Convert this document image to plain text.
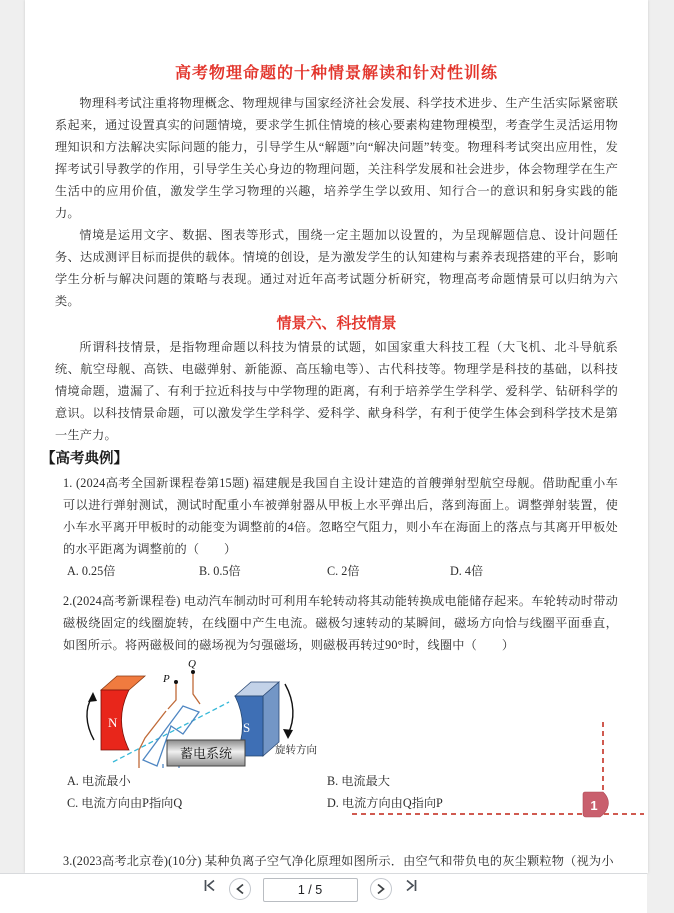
高考物理命题的十种情景解读和针对性训练

物理科考试注重将物理概念、物理规律与国家经济社会发展、科学技术进步、生产生活实际紧密联系起来，通过设置真实的问题情境，要求学生抓住情境的核心要素构建物理模型，考查学生灵活运用物理知识和方法解决实际问题的能力，引导学生从“解题”向“解决问题”转变。物理科考试突出应用性，发挥考试引导教学的作用，引导学生关心身边的物理问题，关注科学发展和社会进步，体会物理学在生产生活中的应用价值，激发学生学习物理的兴趣，培养学生学以致用、知行合一的意识和躬身实践的能力。

情境是运用文字、数据、图表等形式，围绕一定主题加以设置的，为呈现解题信息、设计问题任务、达成测评目标而提供的载体。情境的创设，是为激发学生的认知建构与素养表现搭建的平台，影响学生分析与解决问题的策略与表现。通过对近年高考试题分析研究，物理高考命题情景可以归纳为六类。

情景六、科技情景

所谓科技情景，是指物理命题以科技为情景的试题，如国家重大科技工程（大飞机、北斗导航系统、航空母舰、高铁、电磁弹射、新能源、高压输电等）、古代科技等。物理学是科技的基础，以科技情境命题，遗漏了、有利于拉近科技与中学物理的距离，有利于培养学生学科学、爱科学、钻研科学的意识。以科技情景命题，可以激发学生学科学、爱科学、献身科学，有利于使学生体会到科学技术是第一生产力。

【高考典例】
1. (2024高考全国新课程卷第15题) 福建舰是我国自主设计建造的首艘弹射型航空母舰。借助配重小车可以进行弹射测试，测试时配重小车被弹射器从甲板上水平弹出后，落到海面上。调整弹射装置，使小车水平离开甲板时的动能变为调整前的4倍。忽略空气阻力，则小车在海面上的落点与其离开甲板处的水平距离为调整前的（　　）
A. 0.25倍	B. 0.5倍	C. 2倍	D. 4倍
2.(2024高考新课程卷) 电动汽车制动时可利用车轮转动将其动能转换成电能储存起来。车轮转动时带动磁极绕固定的线圈旋转，在线圈中产生电流。磁极匀速转动的某瞬间，磁场方向恰与线圈平面垂直，如图所示。将两磁极间的磁场视为匀强磁场，则磁极再转过90°时，线圈中（　　）
N
P
Q
S
旋转方向
蓄电系统
A. 电流最小	B. 电流最大
C. 电流方向由P指向Q	D. 电流方向由Q指向P
3.(2023高考北京卷)(10分) 某种负离子空气净化原理如图所示．由空气和带负电的灰尘颗粒物（视为小
1
1 / 5
